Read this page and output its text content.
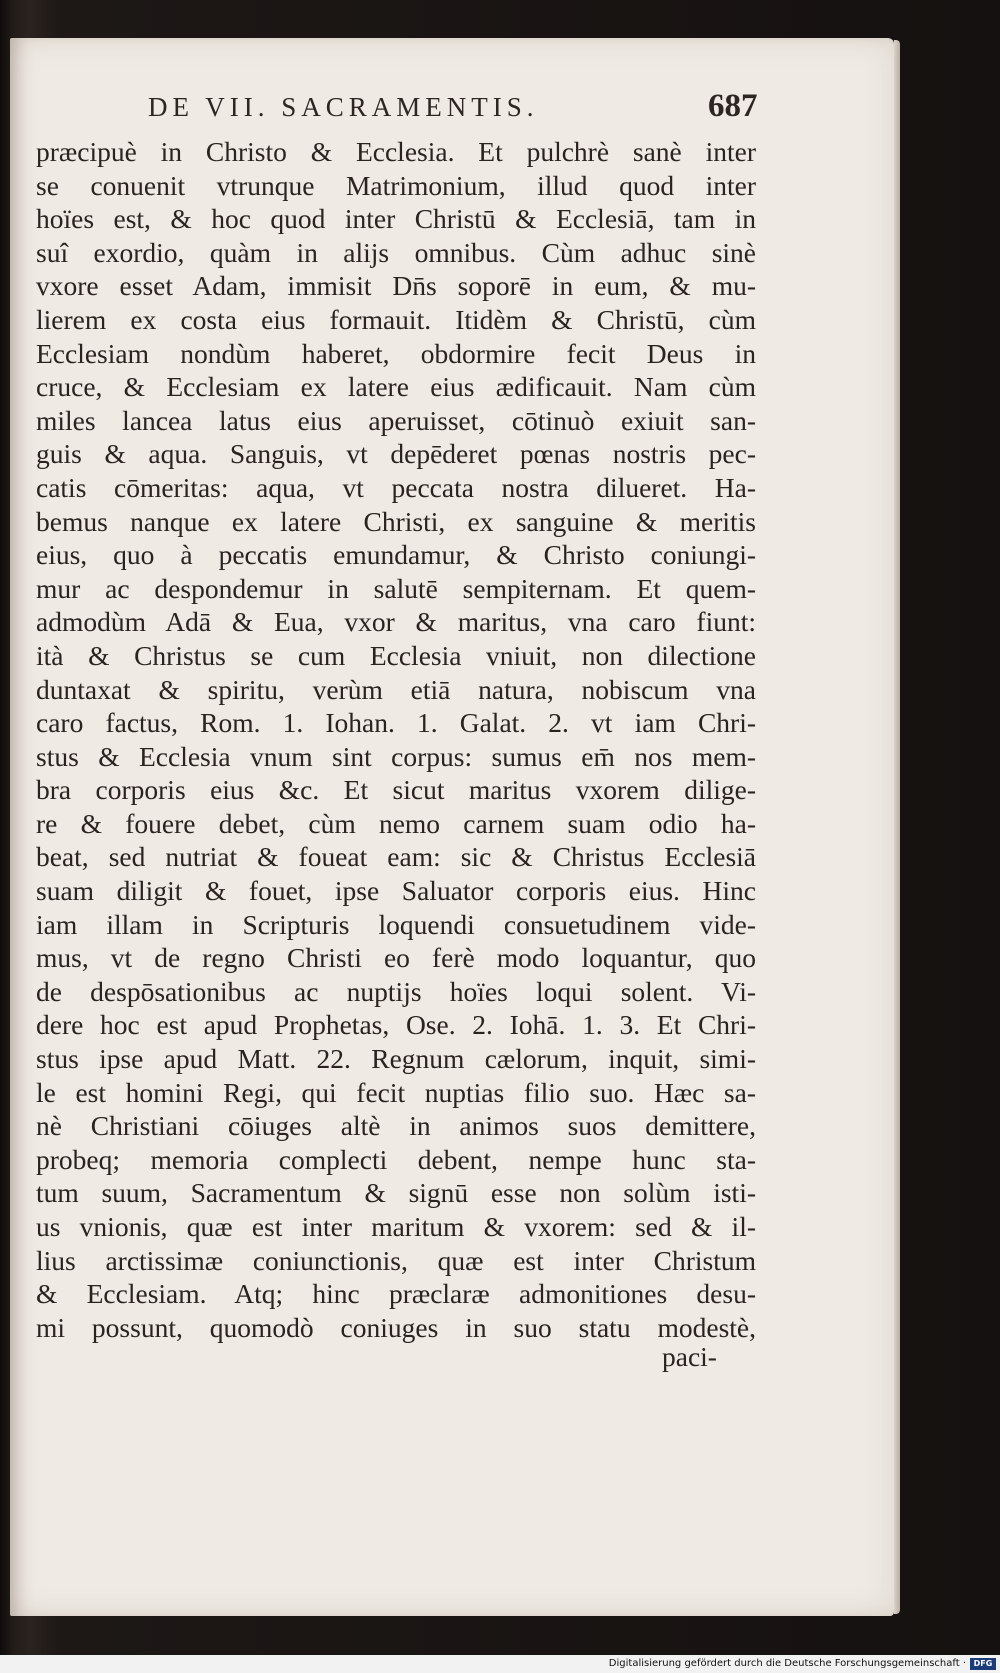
DE VII. SACRAMENTIS.	687
præcipuè in Christo & Ecclesia. Et pulchrè sanè inter
se conuenit vtrunque Matrimonium, illud quod inter
hoïes est, & hoc quod inter Christū & Ecclesiā, tam in
suî exordio, quàm in alijs omnibus. Cùm adhuc sinè
vxore esset Adam, immisit Dn̄s soporē in eum, & mu-
lierem ex costa eius formauit. Itidèm & Christū, cùm
Ecclesiam nondùm haberet, obdormire fecit Deus in
cruce, & Ecclesiam ex latere eius ædificauit. Nam cùm
miles lancea latus eius aperuisset, cōtinuò exiuit san-
guis & aqua. Sanguis, vt depēderet pœnas nostris pec-
catis cōmeritas: aqua, vt peccata nostra dilueret. Ha-
bemus nanque ex latere Christi, ex sanguine & meritis
eius, quo à peccatis emundamur, & Christo coniungi-
mur ac despondemur in salutē sempiternam. Et quem-
admodùm Adā & Eua, vxor & maritus, vna caro fiunt:
ità & Christus se cum Ecclesia vniuit, non dilectione
duntaxat & spiritu, verùm etiā natura, nobiscum vna
caro factus, Rom. 1. Iohan. 1. Galat. 2. vt iam Chri-
stus & Ecclesia vnum sint corpus: sumus em̄ nos mem-
bra corporis eius &c. Et sicut maritus vxorem dilige-
re & fouere debet, cùm nemo carnem suam odio ha-
beat, sed nutriat & foueat eam: sic & Christus Ecclesiā
suam diligit & fouet, ipse Saluator corporis eius. Hinc
iam illam in Scripturis loquendi consuetudinem vide-
mus, vt de regno Christi eo ferè modo loquantur, quo
de despōsationibus ac nuptijs hoïes loqui solent. Vi-
dere hoc est apud Prophetas, Ose. 2. Iohā. 1. 3. Et Chri-
stus ipse apud Matt. 22. Regnum cælorum, inquit, simi-
le est homini Regi, qui fecit nuptias filio suo. Hæc sa-
nè Christiani cōiuges altè in animos suos demittere,
probeq; memoria complecti debent, nempe hunc sta-
tum suum, Sacramentum & signū esse non solùm isti-
us vnionis, quæ est inter maritum & vxorem: sed & il-
lius arctissimæ coniunctionis, quæ est inter Christum
& Ecclesiam. Atq; hinc præclaræ admonitiones desu-
mi possunt, quomodò coniuges in suo statu modestè,
paci-
Digitalisierung gefördert durch die Deutsche Forschungsgemeinschaft · DFG
